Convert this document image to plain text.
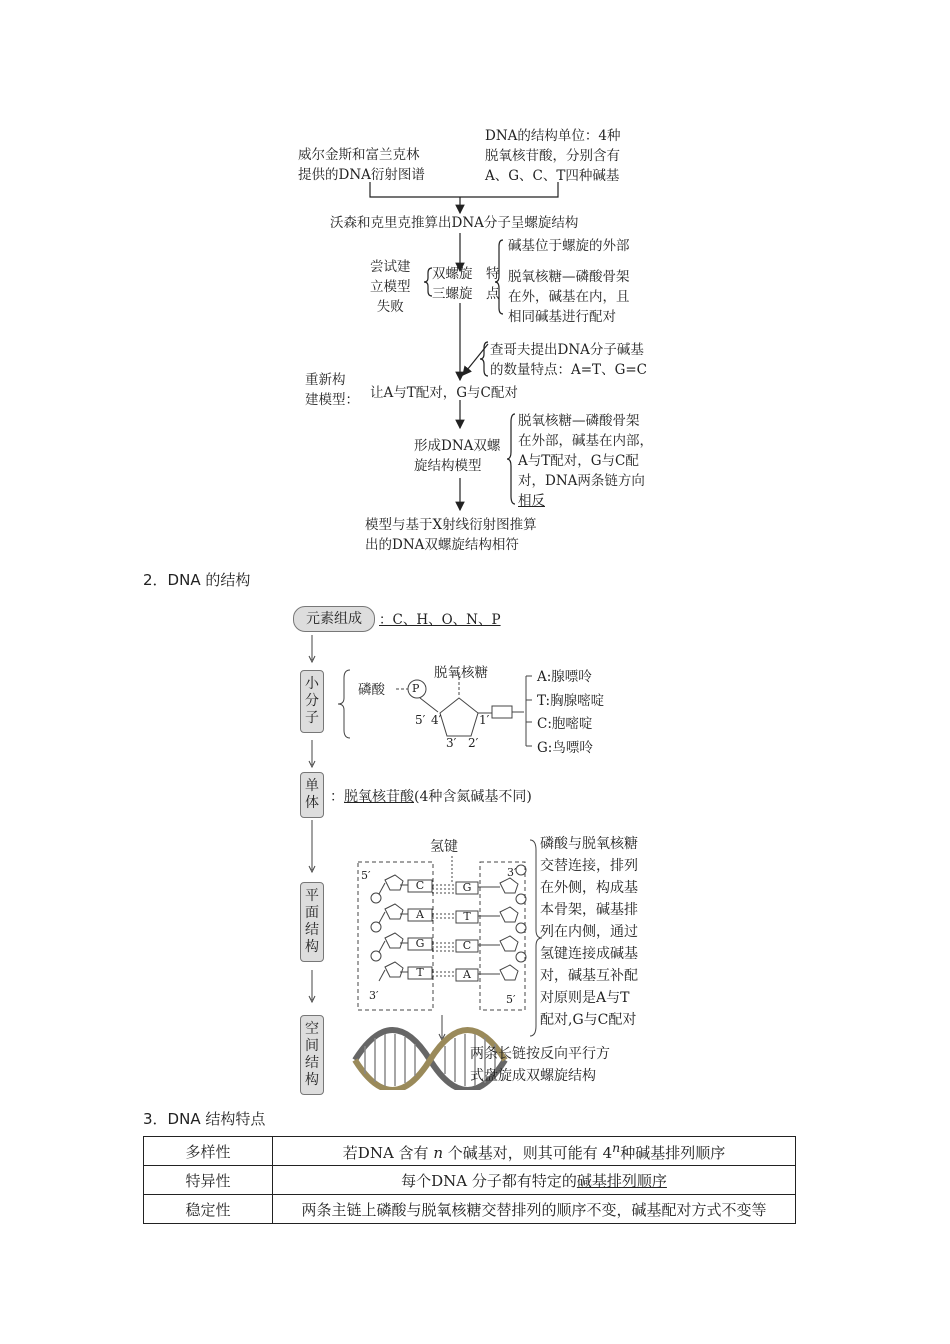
威尔金斯和富兰克林
提供的DNA衍射图谱
DNA的结构单位：4种
脱氧核苷酸，分别含有
A、G、C、T四种碱基
沃森和克里克推算出DNA分子呈螺旋结构
尝试建
立模型
失败
双螺旋
三螺旋
特
点
碱基位于螺旋的外部
脱氧核糖—磷酸骨架
在外，碱基在内，且
相同碱基进行配对
查哥夫提出DNA分子碱基
的数量特点：A=T、G=C
重新构
建模型： 让A与T配对，G与C配对
形成DNA双螺
旋结构模型
脱氧核糖—磷酸骨架
在外部，碱基在内部，
A与T配对，G与C配
对，DNA两条链方向
相反
模型与基于X射线衍射图推算
出的DNA双螺旋结构相符
2．DNA 的结构
元素组成	：C、H、O、N、P
小分子
磷酸 P
脱氧核糖
5′ 4′	1′
3′ 2′
A:腺嘌呤
T:胸腺嘧啶
C:胞嘧啶
G:鸟嘌呤
单体 ：脱氧核苷酸(4种含氮碱基不同)
氢键
平面结构
5′	3′
3′	5′
C
A
G
T
G
T
C
A
磷酸与脱氧核糖
交替连接，排列
在外侧，构成基
本骨架，碱基排
列在内侧，通过
氢键连接成碱基
对，碱基互补配
对原则是A与T
配对,G与C配对
空间结构
两条长链按反向平行方
式盘旋成双螺旋结构
3．DNA 结构特点
多样性	若DNA 含有 n 个碱基对，则其可能有 4$^n$种碱基排列顺序
特异性	每个DNA 分子都有特定的碱基排列顺序
稳定性	两条主链上磷酸与脱氧核糖交替排列的顺序不变，碱基配对方式不变等
